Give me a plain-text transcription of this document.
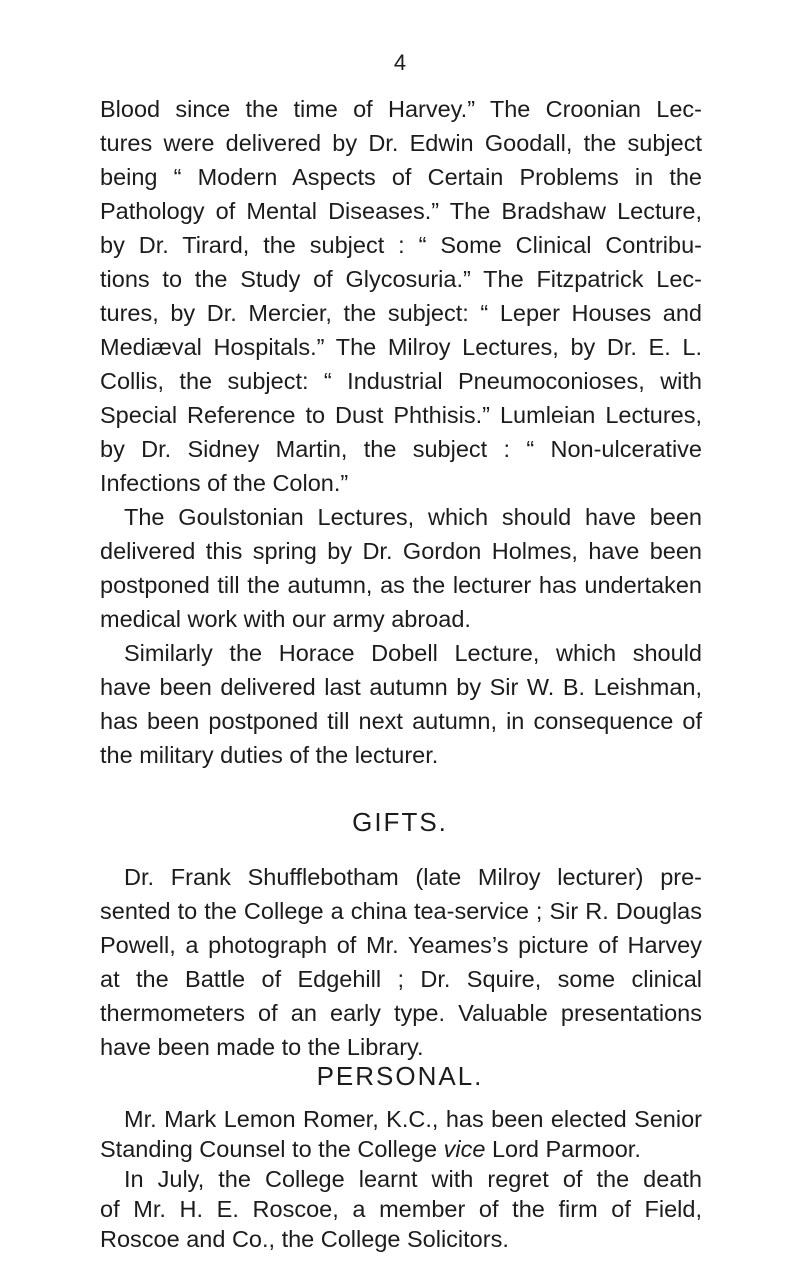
4
Blood since the time of Harvey.” The Croonian Lec-
tures were delivered by Dr. Edwin Goodall, the subject
being “ Modern Aspects of Certain Problems in the
Pathology of Mental Diseases.” The Bradshaw Lecture,
by Dr. Tirard, the subject : “ Some Clinical Contribu-
tions to the Study of Glycosuria.” The Fitzpatrick Lec-
tures, by Dr. Mercier, the subject: “ Leper Houses and
Mediæval Hospitals.” The Milroy Lectures, by Dr. E. L.
Collis, the subject: “ Industrial Pneumoconioses, with
Special Reference to Dust Phthisis.” Lumleian Lectures,
by Dr. Sidney Martin, the subject : “ Non-ulcerative
Infections of the Colon.”
The Goulstonian Lectures, which should have been
delivered this spring by Dr. Gordon Holmes, have been
postponed till the autumn, as the lecturer has undertaken
medical work with our army abroad.
Similarly the Horace Dobell Lecture, which should
have been delivered last autumn by Sir W. B. Leishman,
has been postponed till next autumn, in consequence of
the military duties of the lecturer.
GIFTS.
Dr. Frank Shufflebotham (late Milroy lecturer) pre-
sented to the College a china tea-service ; Sir R. Douglas
Powell, a photograph of Mr. Yeames’s picture of Harvey
at the Battle of Edgehill ; Dr. Squire, some clinical
thermometers of an early type. Valuable presentations
have been made to the Library.
PERSONAL.
Mr. Mark Lemon Romer, K.C., has been elected Senior
Standing Counsel to the College vice Lord Parmoor.
In July, the College learnt with regret of the death
of Mr. H. E. Roscoe, a member of the firm of Field,
Roscoe and Co., the College Solicitors.
